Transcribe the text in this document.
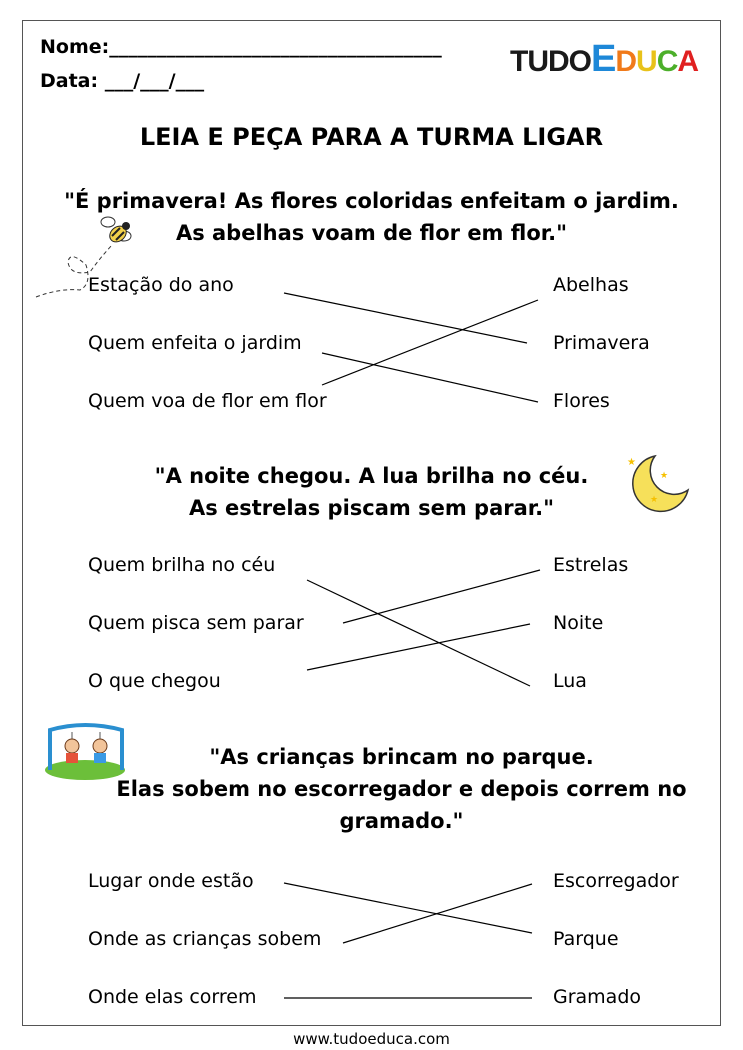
Nome:___________________________________
Data: ___/___/___
TUDOEDUCA
LEIA E PEÇA PARA A TURMA LIGAR
"É primavera! As flores coloridas enfeitam o jardim.
As abelhas voam de flor em flor."
Estação do ano
Quem enfeita o jardim
Quem voa de flor em flor
Abelhas
Primavera
Flores
"A noite chegou. A lua brilha no céu.
As estrelas piscam sem parar."
Quem brilha no céu
Quem pisca sem parar
O que chegou
Estrelas
Noite
Lua
"As crianças brincam no parque.
Elas sobem no escorregador e depois correm no
gramado."
Lugar onde estão
Onde as crianças sobem
Onde elas correm
Escorregador
Parque
Gramado
★
★
★
www.tudoeduca.com
